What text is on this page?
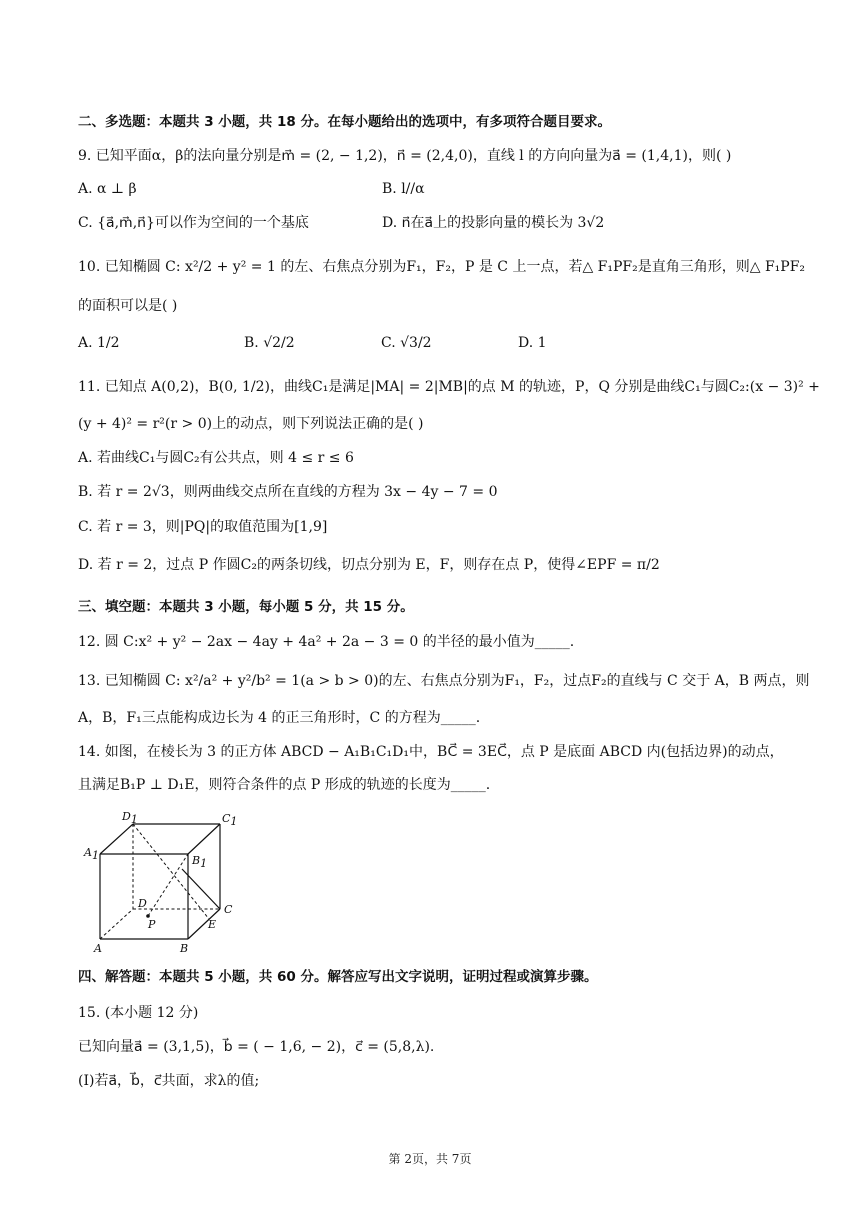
二、多选题：本题共 3 小题，共 18 分。在每小题给出的选项中，有多项符合题目要求。
9. 已知平面α，β的法向量分别是m⃗ = (2, − 1,2)，n⃗ = (2,4,0)，直线 l 的方向向量为a⃗ = (1,4,1)，则( )
A. α ⊥ β	B. l//α
C. {a⃗,m⃗,n⃗}可以作为空间的一个基底	D. n⃗在a⃗上的投影向量的模长为 3√2
10. 已知椭圆 C: x²/2 + y² = 1 的左、右焦点分别为F₁，F₂，P 是 C 上一点，若△ F₁PF₂是直角三角形，则△ F₁PF₂
的面积可以是( )
A. 1/2	B. √2/2	C. √3/2	D. 1
11. 已知点 A(0,2)，B(0, 1/2)，曲线C₁是满足|MA| = 2|MB|的点 M 的轨迹，P，Q 分别是曲线C₁与圆C₂:(x − 3)² +
(y + 4)² = r²(r > 0)上的动点，则下列说法正确的是( )
A. 若曲线C₁与圆C₂有公共点，则 4 ≤ r ≤ 6
B. 若 r = 2√3，则两曲线交点所在直线的方程为 3x − 4y − 7 = 0
C. 若 r = 3，则|PQ|的取值范围为[1,9]
D. 若 r = 2，过点 P 作圆C₂的两条切线，切点分别为 E，F，则存在点 P，使得∠EPF = π/2
三、填空题：本题共 3 小题，每小题 5 分，共 15 分。
12. 圆 C:x² + y² − 2ax − 4ay + 4a² + 2a − 3 = 0 的半径的最小值为_____.
13. 已知椭圆 C: x²/a² + y²/b² = 1(a > b > 0)的左、右焦点分别为F₁，F₂，过点F₂的直线与 C 交于 A，B 两点，则
A，B，F₁三点能构成边长为 4 的正三角形时，C 的方程为_____.
14. 如图，在棱长为 3 的正方体 ABCD − A₁B₁C₁D₁中，BC⃗ = 3EC⃗，点 P 是底面 ABCD 内(包括边界)的动点，
且满足B₁P ⊥ D₁E，则符合条件的点 P 形成的轨迹的长度为_____.
D1	C1
A1	B1
D	C
P	E
A	B
四、解答题：本题共 5 小题，共 60 分。解答应写出文字说明，证明过程或演算步骤。
15. (本小题 12 分)
已知向量a⃗ = (3,1,5)，b⃗ = ( − 1,6, − 2)，c⃗ = (5,8,λ).
(Ⅰ)若a⃗，b⃗，c⃗共面，求λ的值;
第 2页，共 7页
